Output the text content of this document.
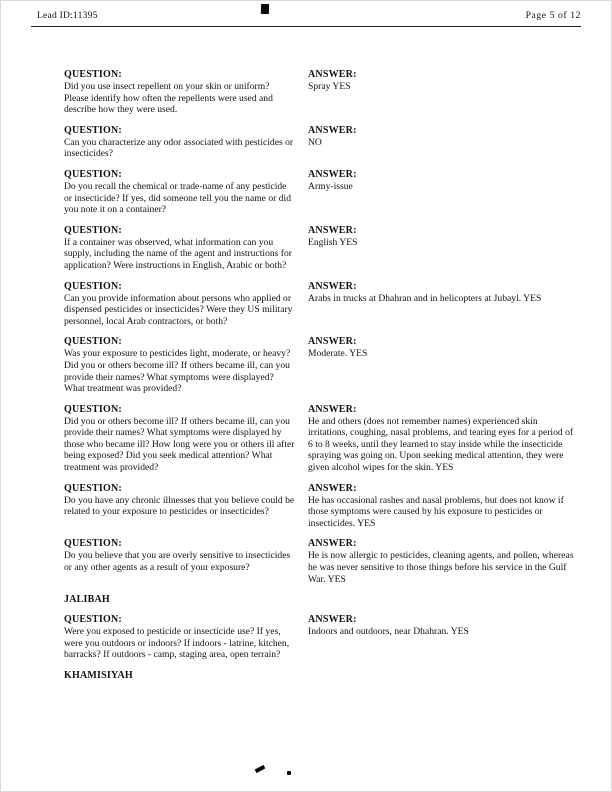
Lead ID:11395	Page 5 of 12
QUESTION:
Did you use insect repellent on your skin or uniform? Please identify how often the repellents were used and describe how they were used.
ANSWER:
Spray YES
QUESTION:
Can you characterize any odor associated with pesticides or insecticides?
ANSWER:
NO
QUESTION:
Do you recall the chemical or trade-name of any pesticide or insecticide? If yes, did someone tell you the name or did you note it on a container?
ANSWER:
Army-issue
QUESTION:
If a container was observed, what information can you supply, including the name of the agent and instructions for application? Were instructions in English, Arabic or both?
ANSWER:
English YES
QUESTION:
Can you provide information about persons who applied or dispensed pesticides or insecticides? Were they US military personnel, local Arab contractors, or both?
ANSWER:
Arabs in trucks at Dhahran and in helicopters at Jubayl. YES
QUESTION:
Was your exposure to pesticides light, moderate, or heavy? Did you or others become ill? If others became ill, can you provide their names? What symptoms were displayed? What treatment was provided?
ANSWER:
Moderate. YES
QUESTION:
Did you or others become ill? If others became ill, can you provide their names? What symptoms were displayed by those who became ill? How long were you or others ill after being exposed? Did you seek medical attention? What treatment was provided?
ANSWER:
He and others (does not remember names) experienced skin irritations, coughing, nasal problems, and tearing eyes for a period of 6 to 8 weeks, until they learned to stay inside while the insecticide spraying was going on. Upon seeking medical attention, they were given alcohol wipes for the skin. YES
QUESTION:
Do you have any chronic illnesses that you believe could be related to your exposure to pesticides or insecticides?
ANSWER:
He has occasional rashes and nasal problems, but does not know if those symptoms were caused by his exposure to pesticides or insecticides. YES
QUESTION:
Do you believe that you are overly sensitive to insecticides or any other agents as a result of your exposure?
ANSWER:
He is now allergic to pesticides, cleaning agents, and pollen, whereas he was never sensitive to those things before his service in the Gulf War. YES
JALIBAH
QUESTION:
Were you exposed to pesticide or insecticide use? If yes, were you outdoors or indoors? If indoors - latrine, kitchen, barracks? If outdoors - camp, staging area, open terrain?
ANSWER:
Indoors and outdoors, near Dhahran. YES
KHAMISIYAH
